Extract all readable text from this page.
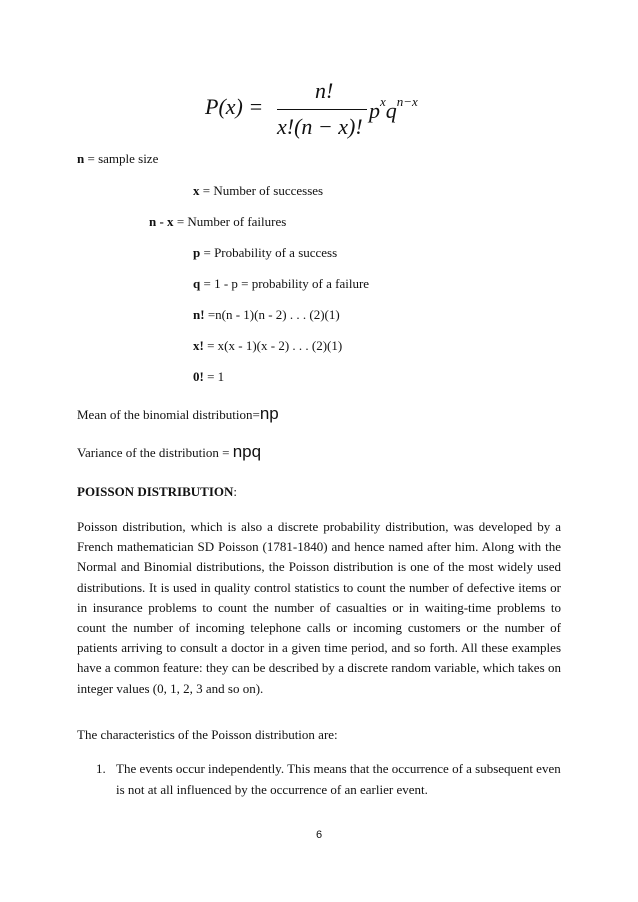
P(x) =
n!
x!(n − x)!
$p^xq^{n-x}$
n = sample size
x = Number of successes
n - x = Number of failures
p = Probability of a success
q = 1 - p = probability of a failure
n! =n(n - 1)(n - 2) . . . (2)(1)
x! = x(x - 1)(x - 2) . . . (2)(1)
0! = 1
Mean of the binomial distribution=np
Variance of the distribution = npq
POISSON DISTRIBUTION:

Poisson distribution, which is also a discrete probability distribution, was developed by a French mathematician SD Poisson (1781-1840) and hence named after him. Along with the Normal and Binomial distributions, the Poisson distribution is one of the most widely used distributions. It is used in quality control statistics to count the number of defective items or in insurance problems to count the number of casualties or in waiting-time problems to count the number of incoming telephone calls or incoming customers or the number of patients arriving to consult a doctor in a given time period, and so forth. All these examples have a common feature: they can be described by a discrete random variable, which takes on integer values (0, 1, 2, 3 and so on).

The characteristics of the Poisson distribution are:
1. The events occur independently. This means that the occurrence of a subsequent even is not at all influenced by the occurrence of an earlier event.
6
